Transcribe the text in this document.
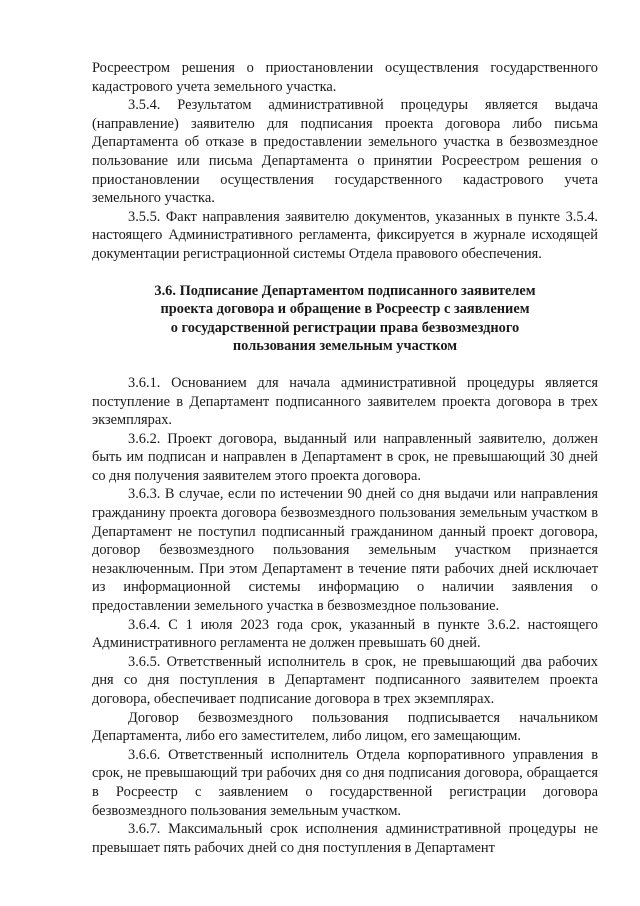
Росреестром решения о приостановлении осуществления государственного кадастрового учета земельного участка.

3.5.4. Результатом административной процедуры является выдача (направление) заявителю для подписания проекта договора либо письма Департамента об отказе в предоставлении земельного участка в безвозмездное пользование или письма Департамента о принятии Росреестром решения о приостановлении осуществления государственного кадастрового учета земельного участка.

3.5.5. Факт направления заявителю документов, указанных в пункте 3.5.4. настоящего Административного регламента, фиксируется в журнале исходящей документации регистрационной системы Отдела правового обеспечения.

3.6. Подписание Департаментом подписанного заявителем
проекта договора и обращение в Росреестр с заявлением
о государственной регистрации права безвозмездного
пользования земельным участком

3.6.1. Основанием для начала административной процедуры является поступление в Департамент подписанного заявителем проекта договора в трех экземплярах.

3.6.2. Проект договора, выданный или направленный заявителю, должен быть им подписан и направлен в Департамент в срок, не превышающий 30 дней со дня получения заявителем этого проекта договора.

3.6.3. В случае, если по истечении 90 дней со дня выдачи или направления гражданину проекта договора безвозмездного пользования земельным участком в Департамент не поступил подписанный гражданином данный проект договора, договор безвозмездного пользования земельным участком признается незаключенным. При этом Департамент в течение пяти рабочих дней исключает из информационной системы информацию о наличии заявления о предоставлении земельного участка в безвозмездное пользование.

3.6.4. С 1 июля 2023 года срок, указанный в пункте 3.6.2. настоящего Административного регламента не должен превышать 60 дней.

3.6.5. Ответственный исполнитель в срок, не превышающий два рабочих дня со дня поступления в Департамент подписанного заявителем проекта договора, обеспечивает подписание договора в трех экземплярах.

Договор безвозмездного пользования подписывается начальником Департамента, либо его заместителем, либо лицом, его замещающим.

3.6.6. Ответственный исполнитель Отдела корпоративного управления в срок, не превышающий три рабочих дня со дня подписания договора, обращается в Росреестр с заявлением о государственной регистрации договора безвозмездного пользования земельным участком.

3.6.7. Максимальный срок исполнения административной процедуры не превышает пять рабочих дней со дня поступления в Департамент
